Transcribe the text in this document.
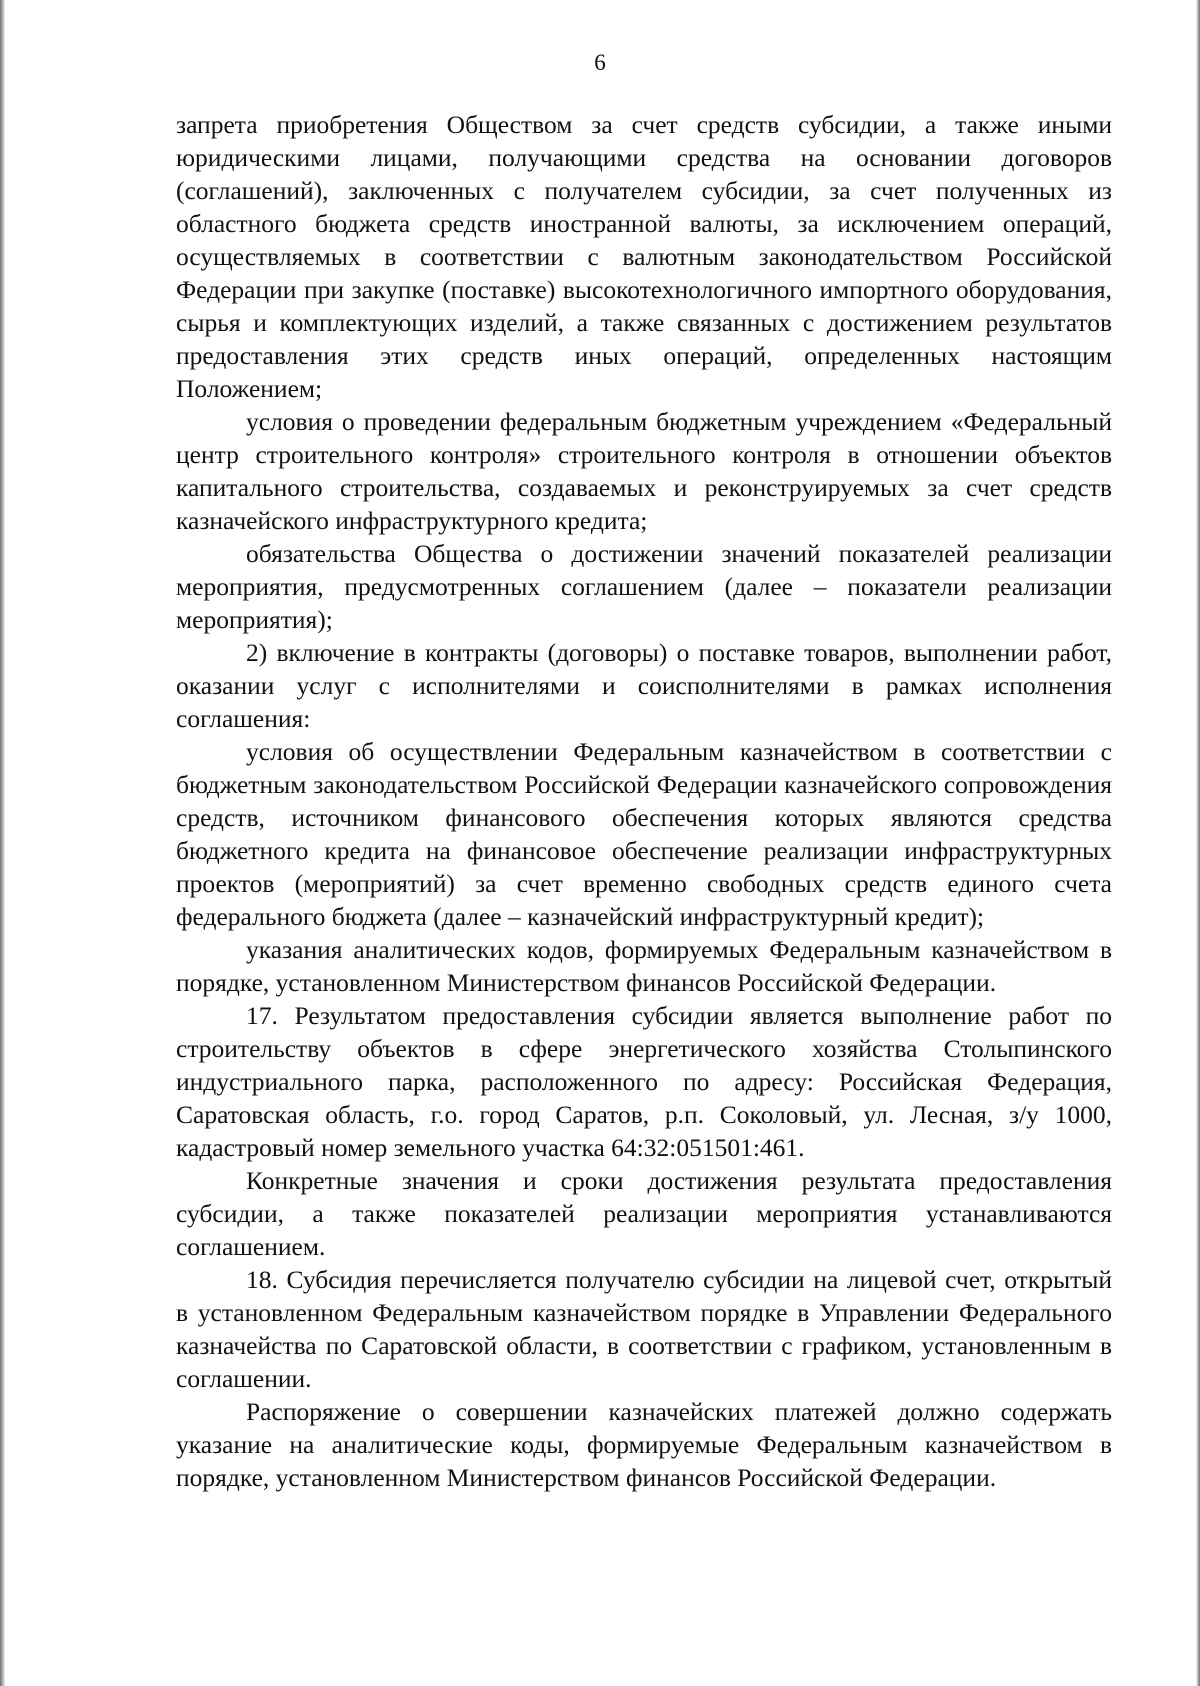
6

запрета приобретения Обществом за счет средств субсидии, а также иными юридическими лицами, получающими средства на основании договоров (соглашений), заключенных с получателем субсидии, за счет полученных из областного бюджета средств иностранной валюты, за исключением операций, осуществляемых в соответствии с валютным законодательством Российской Федерации при закупке (поставке) высокотехнологичного импортного оборудования, сырья и комплектующих изделий, а также связанных с достижением результатов предоставления этих средств иных операций, определенных настоящим Положением;

условия о проведении федеральным бюджетным учреждением «Федеральный центр строительного контроля» строительного контроля в отношении объектов капитального строительства, создаваемых и реконструируемых за счет средств казначейского инфраструктурного кредита;

обязательства Общества о достижении значений показателей реализации мероприятия, предусмотренных соглашением (далее – показатели реализации мероприятия);

2) включение в контракты (договоры) о поставке товаров, выполнении работ, оказании услуг с исполнителями и соисполнителями в рамках исполнения соглашения:

условия об осуществлении Федеральным казначейством в соответствии с бюджетным законодательством Российской Федерации казначейского сопровождения средств, источником финансового обеспечения которых являются средства бюджетного кредита на финансовое обеспечение реализации инфраструктурных проектов (мероприятий) за счет временно свободных средств единого счета федерального бюджета (далее – казначейский инфраструктурный кредит);

указания аналитических кодов, формируемых Федеральным казначейством в порядке, установленном Министерством финансов Российской Федерации.

17. Результатом предоставления субсидии является выполнение работ по строительству объектов в сфере энергетического хозяйства Столыпинского индустриального парка, расположенного по адресу: Российская Федерация, Саратовская область, г.о. город Саратов, р.п. Соколовый, ул. Лесная, з/у 1000, кадастровый номер земельного участка 64:32:051501:461.

Конкретные значения и сроки достижения результата предоставления субсидии, а также показателей реализации мероприятия устанавливаются соглашением.

18. Субсидия перечисляется получателю субсидии на лицевой счет, открытый в установленном Федеральным казначейством порядке в Управлении Федерального казначейства по Саратовской области, в соответствии с графиком, установленным в соглашении.

Распоряжение о совершении казначейских платежей должно содержать указание на аналитические коды, формируемые Федеральным казначейством в порядке, установленном Министерством финансов Российской Федерации.
